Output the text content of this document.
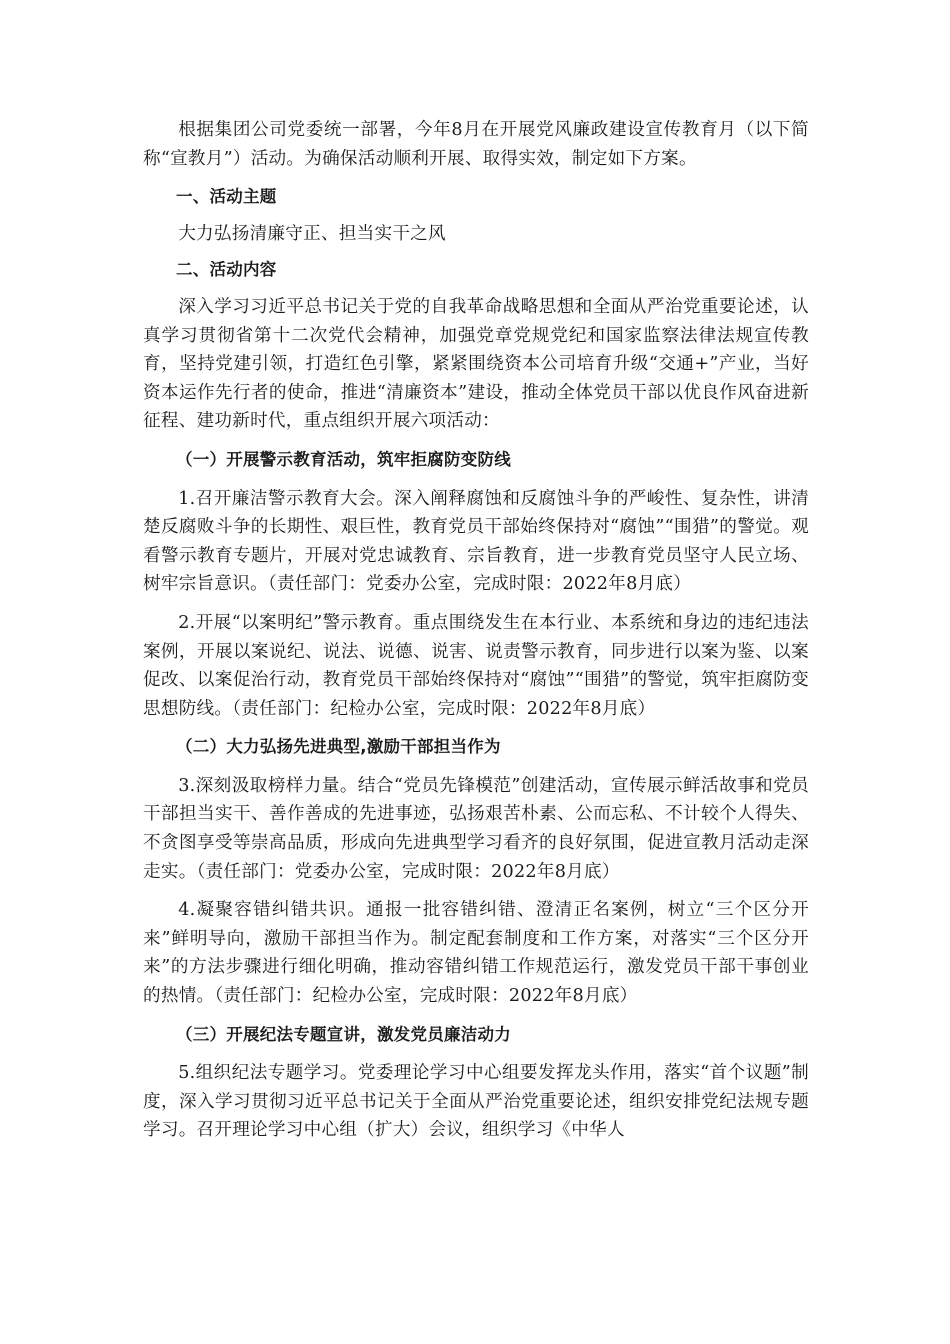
根据集团公司党委统一部署，今年8月在开展党风廉政建设宣传教育月（以下简称“宣教月”）活动。为确保活动顺利开展、取得实效，制定如下方案。

一、活动主题

大力弘扬清廉守正、担当实干之风

二、活动内容

深入学习习近平总书记关于党的自我革命战略思想和全面从严治党重要论述，认真学习贯彻省第十二次党代会精神，加强党章党规党纪和国家监察法律法规宣传教育，坚持党建引领，打造红色引擎，紧紧围绕资本公司培育升级“交通+”产业，当好资本运作先行者的使命，推进“清廉资本”建设，推动全体党员干部以优良作风奋进新征程、建功新时代，重点组织开展六项活动：

（一）开展警示教育活动，筑牢拒腐防变防线

1.召开廉洁警示教育大会。深入阐释腐蚀和反腐蚀斗争的严峻性、复杂性，讲清楚反腐败斗争的长期性、艰巨性，教育党员干部始终保持对“腐蚀”“围猎”的警觉。观看警示教育专题片，开展对党忠诚教育、宗旨教育，进一步教育党员坚守人民立场、树牢宗旨意识。（责任部门：党委办公室，完成时限：2022年8月底）

2.开展“以案明纪”警示教育。重点围绕发生在本行业、本系统和身边的违纪违法案例，开展以案说纪、说法、说德、说害、说责警示教育，同步进行以案为鉴、以案促改、以案促治行动，教育党员干部始终保持对“腐蚀”“围猎”的警觉，筑牢拒腐防变思想防线。（责任部门：纪检办公室，完成时限：2022年8月底）

（二）大力弘扬先进典型,激励干部担当作为

3.深刻汲取榜样力量。结合“党员先锋模范”创建活动，宣传展示鲜活故事和党员干部担当实干、善作善成的先进事迹，弘扬艰苦朴素、公而忘私、不计较个人得失、不贪图享受等崇高品质，形成向先进典型学习看齐的良好氛围，促进宣教月活动走深走实。（责任部门：党委办公室，完成时限：2022年8月底）

4.凝聚容错纠错共识。通报一批容错纠错、澄清正名案例，树立“三个区分开来”鲜明导向，激励干部担当作为。制定配套制度和工作方案，对落实“三个区分开来”的方法步骤进行细化明确，推动容错纠错工作规范运行，激发党员干部干事创业的热情。（责任部门：纪检办公室，完成时限：2022年8月底）

（三）开展纪法专题宣讲，激发党员廉洁动力

5.组织纪法专题学习。党委理论学习中心组要发挥龙头作用，落实“首个议题”制度，深入学习贯彻习近平总书记关于全面从严治党重要论述，组织安排党纪法规专题学习。召开理论学习中心组（扩大）会议，组织学习《中华人
